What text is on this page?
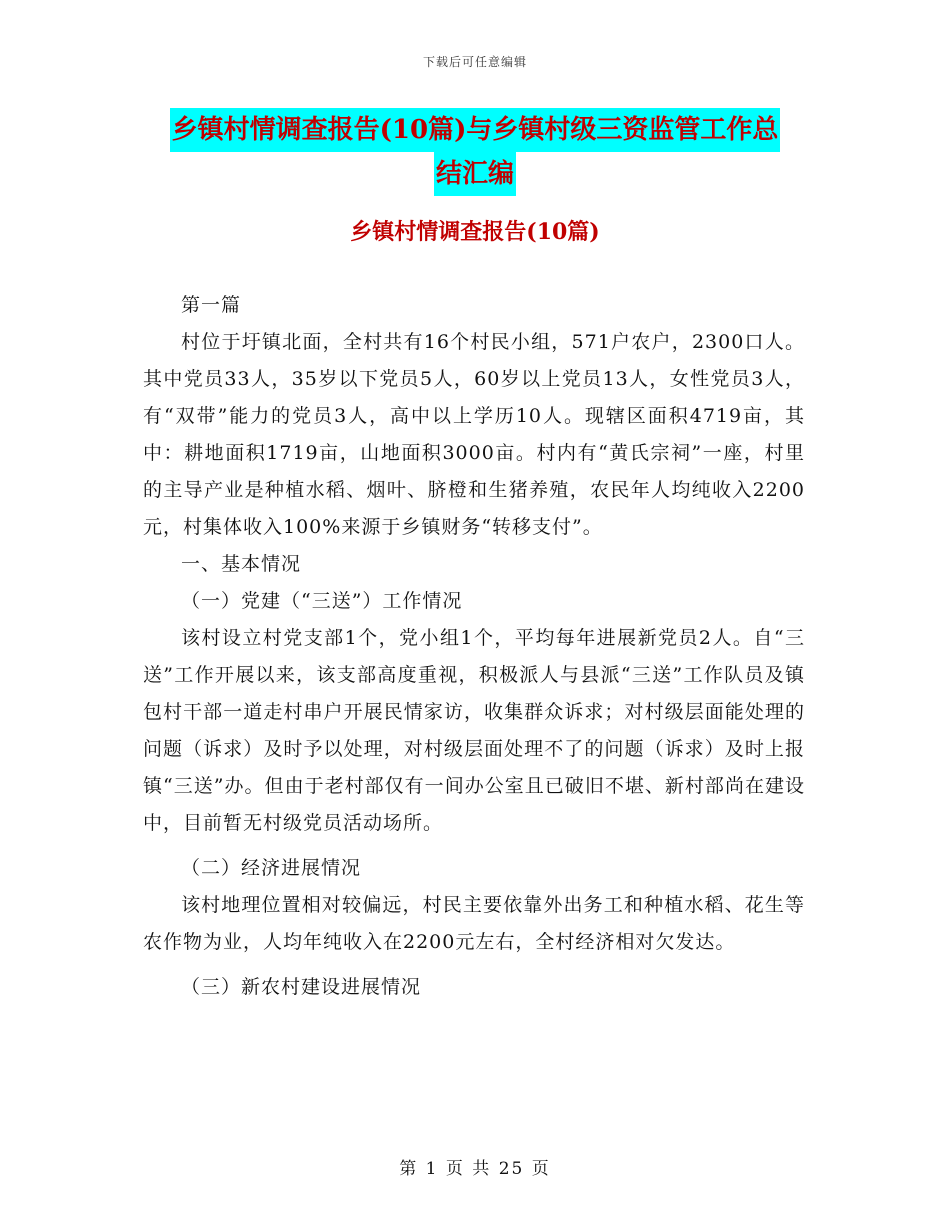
下载后可任意编辑
乡镇村情调查报告(10篇)与乡镇村级三资监管工作总
结汇编
乡镇村情调查报告(10篇)

第一篇

村位于圩镇北面，全村共有16个村民小组，571户农户，2300口人。其中党员33人，35岁以下党员5人，60岁以上党员13人，女性党员3人，有“双带”能力的党员3人，高中以上学历10人。现辖区面积4719亩，其中：耕地面积1719亩，山地面积3000亩。村内有“黄氏宗祠”一座，村里的主导产业是种植水稻、烟叶、脐橙和生猪养殖，农民年人均纯收入2200元，村集体收入100%来源于乡镇财务“转移支付”。

一、基本情况

（一）党建（“三送”）工作情况

该村设立村党支部1个，党小组1个，平均每年进展新党员2人。自“三送”工作开展以来，该支部高度重视，积极派人与县派“三送”工作队员及镇包村干部一道走村串户开展民情家访，收集群众诉求；对村级层面能处理的问题（诉求）及时予以处理，对村级层面处理不了的问题（诉求）及时上报镇“三送”办。但由于老村部仅有一间办公室且已破旧不堪、新村部尚在建设中，目前暂无村级党员活动场所。

（二）经济进展情况

该村地理位置相对较偏远，村民主要依靠外出务工和种植水稻、花生等农作物为业，人均年纯收入在2200元左右，全村经济相对欠发达。

（三）新农村建设进展情况

第 1 页 共 25 页
